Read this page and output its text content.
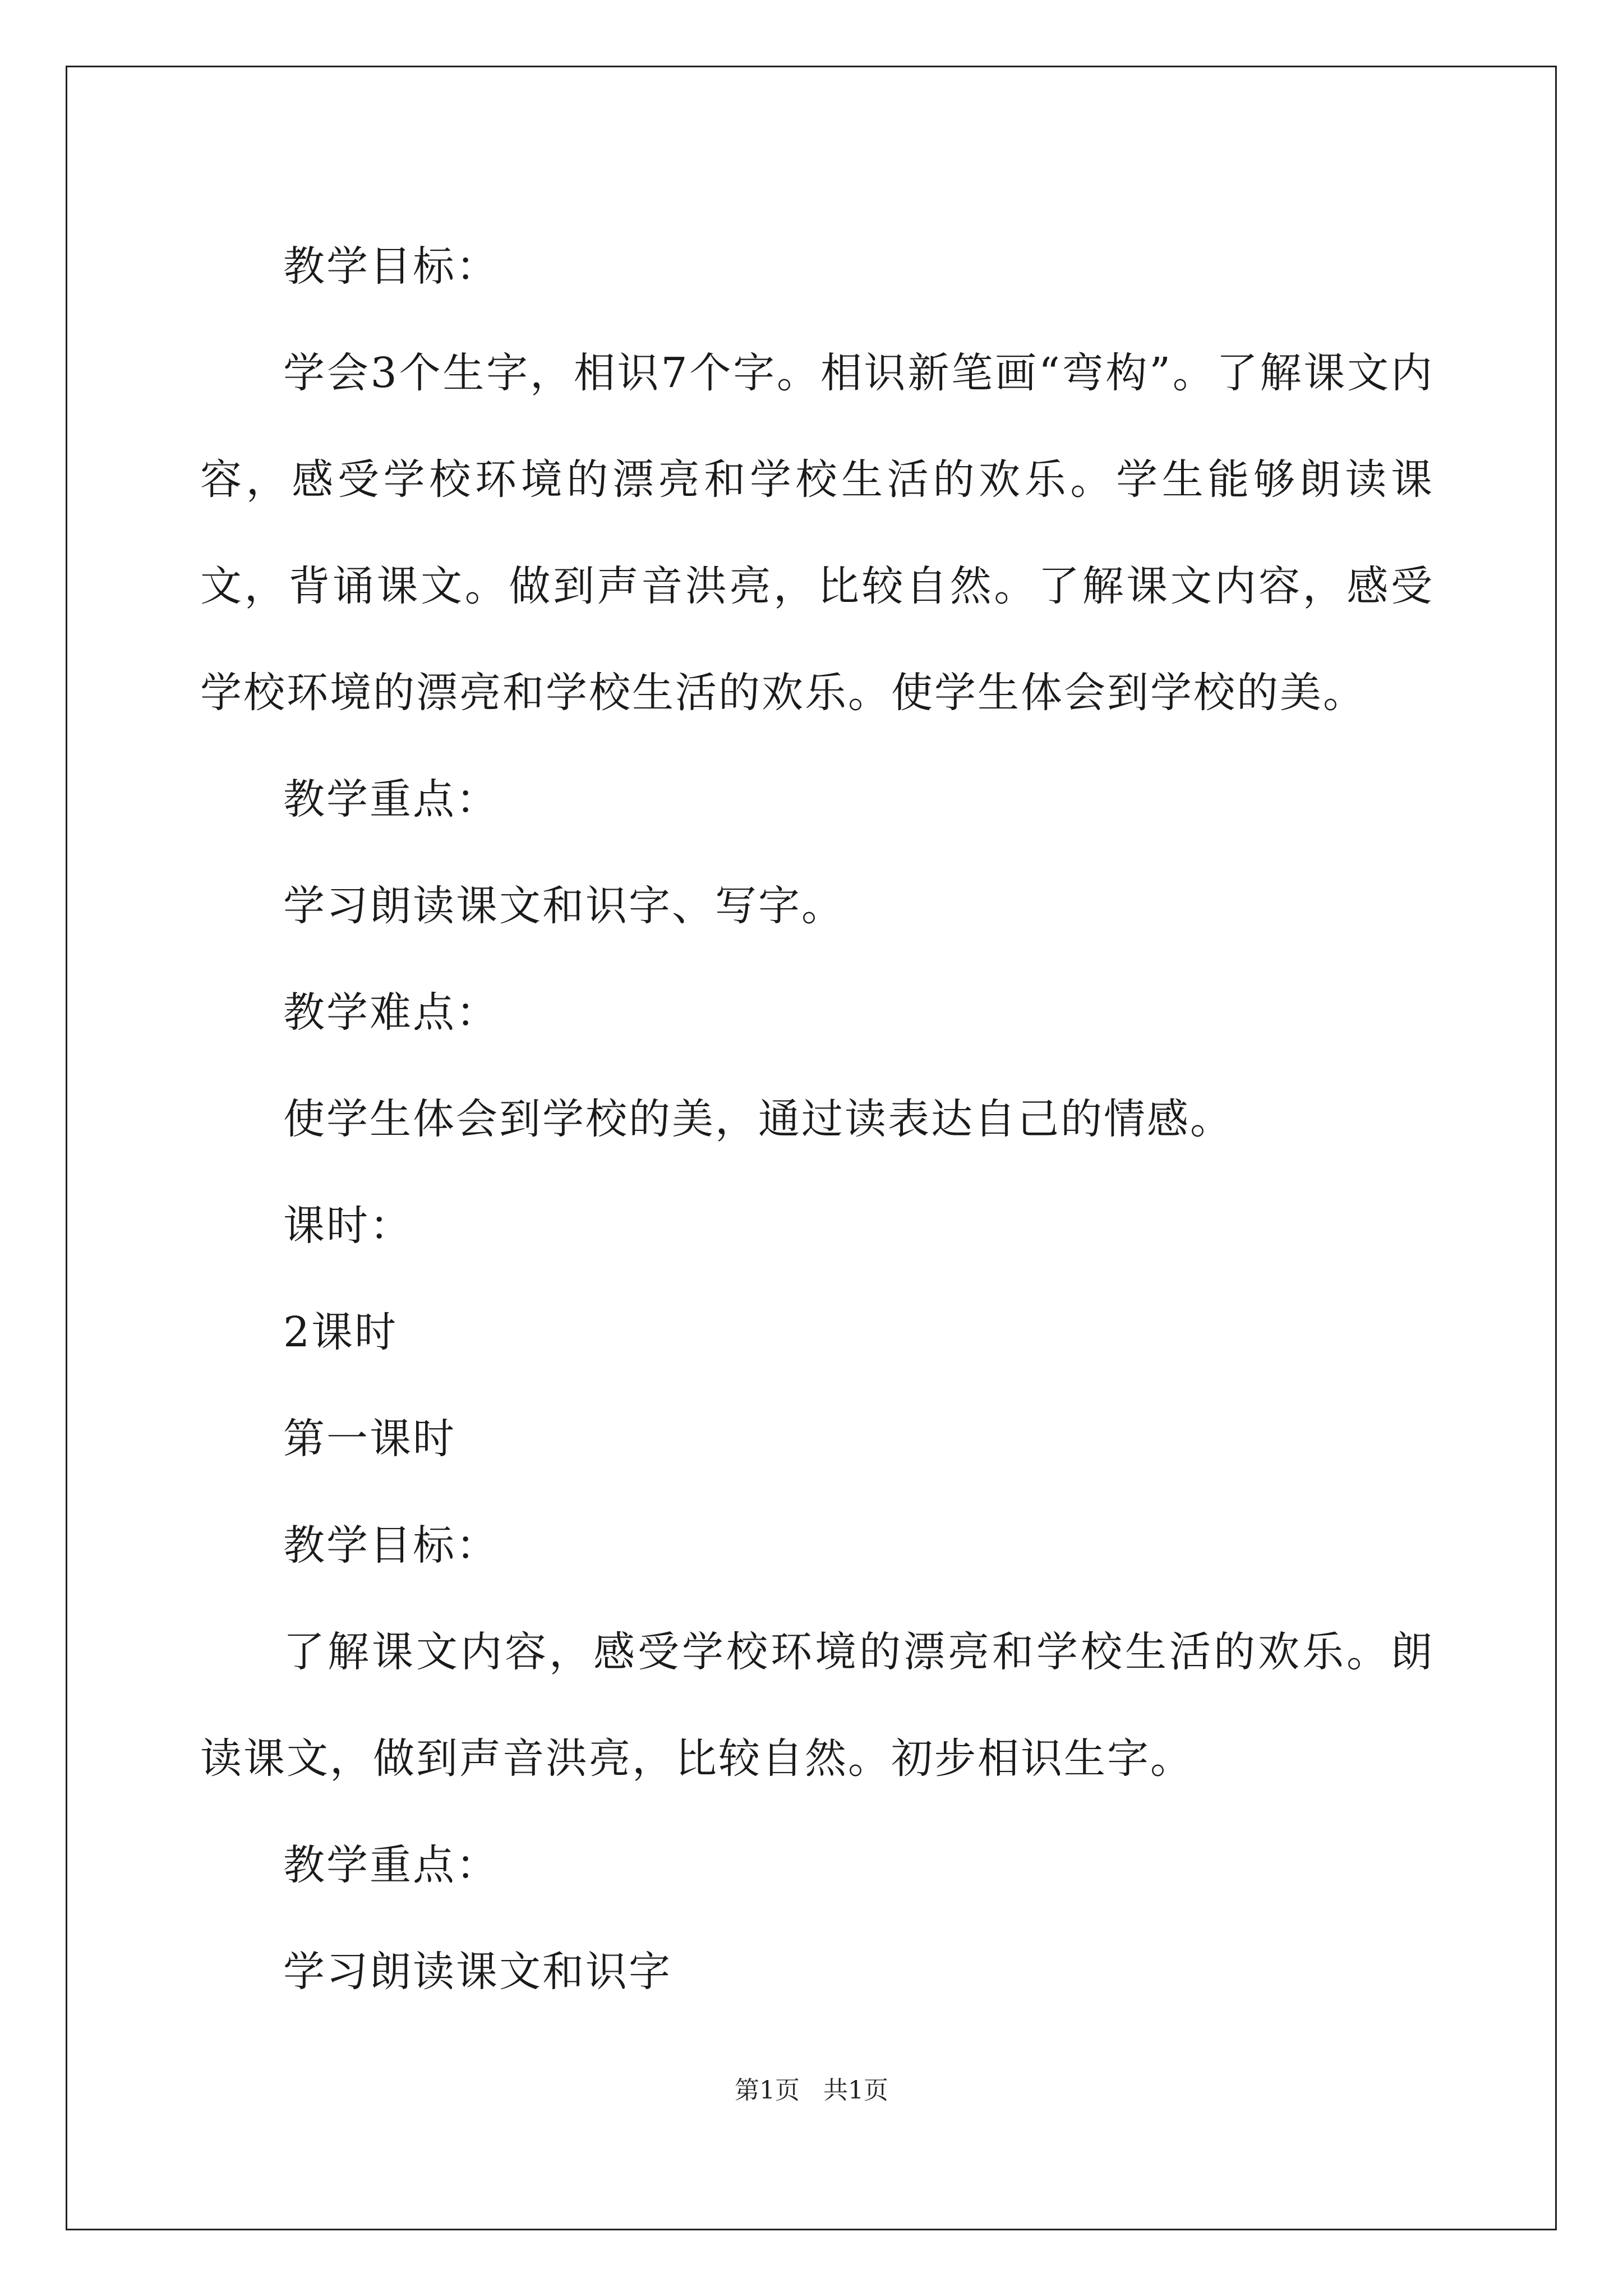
教学目标：

学会3个生字，相识7个字。相识新笔画“弯构”。了解课文内容，感受学校环境的漂亮和学校生活的欢乐。学生能够朗读课文，背诵课文。做到声音洪亮，比较自然。了解课文内容，感受学校环境的漂亮和学校生活的欢乐。使学生体会到学校的美。

教学重点：

学习朗读课文和识字、写字。

教学难点：

使学生体会到学校的美，通过读表达自己的情感。

课时：

2课时

第一课时

教学目标：

了解课文内容，感受学校环境的漂亮和学校生活的欢乐。朗读课文，做到声音洪亮，比较自然。初步相识生字。

教学重点：

学习朗读课文和识字

第1页 共1页
